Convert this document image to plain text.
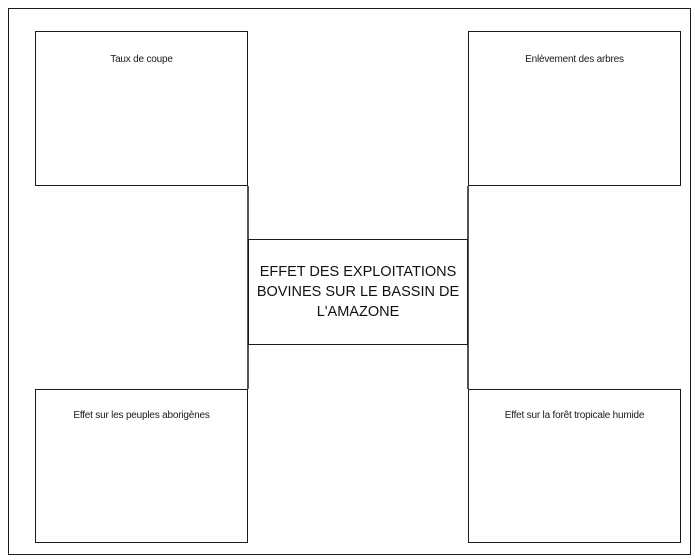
Taux de coupe	Enlèvement des arbres
Effet sur les peuples aborigènes	Effet sur la forêt tropicale humide
EFFET DES EXPLOITATIONS
BOVINES SUR LE BASSIN DE
L'AMAZONE
